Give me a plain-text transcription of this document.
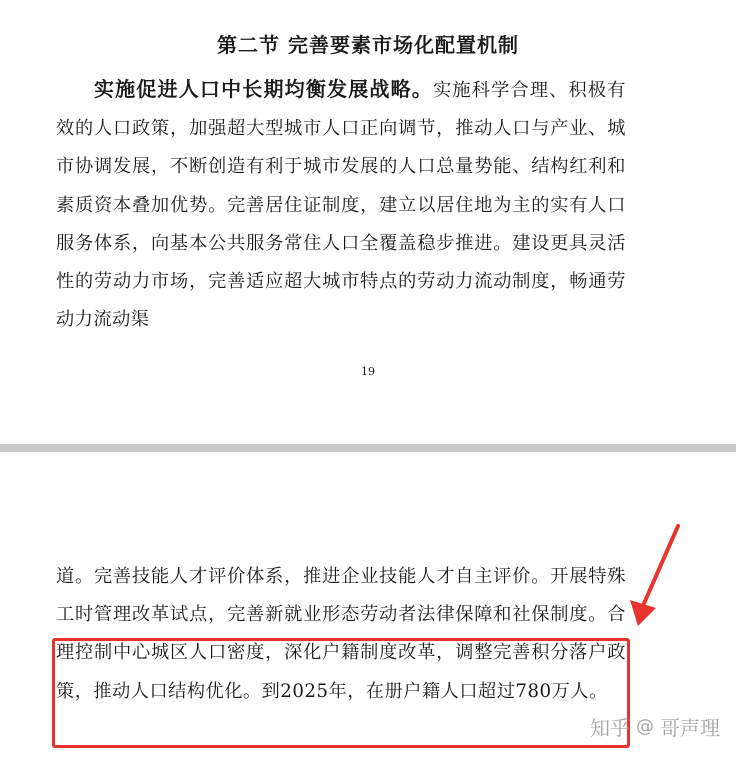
第二节 完善要素市场化配置机制
实施促进人口中长期均衡发展战略。实施科学合理、积极有效的人口政策，加强超大型城市人口正向调节，推动人口与产业、城市协调发展，不断创造有利于城市发展的人口总量势能、结构红利和素质资本叠加优势。完善居住证制度，建立以居住地为主的实有人口服务体系，向基本公共服务常住人口全覆盖稳步推进。建设更具灵活性的劳动力市场，完善适应超大城市特点的劳动力流动制度，畅通劳动力流动渠
19
道。完善技能人才评价体系，推进企业技能人才自主评价。开展特殊工时管理改革试点，完善新就业形态劳动者法律保障和社保制度。合理控制中心城区人口密度，深化户籍制度改革，调整完善积分落户政策，推动人口结构优化。到2025年，在册户籍人口超过780万人。
知乎 @ 哥声理
